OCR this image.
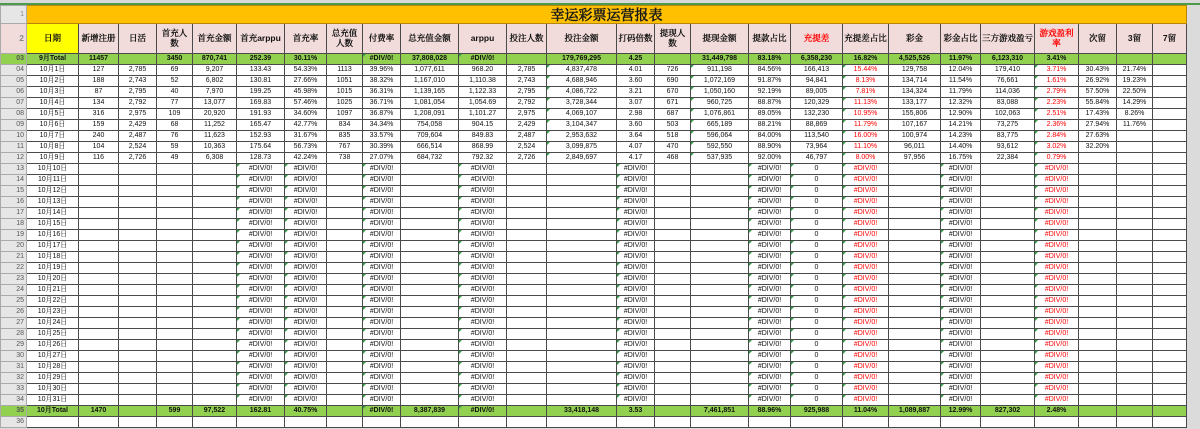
1	幸运彩票运营报表																									
2	日期	新增注册	日活	首充人数	首充金额	首充arppu	首充率	总充值人数	付费率	总充值金额	arppu	投注人数	投注金额	打码倍数	提现人数	提现金额	提款占比	充提差	充提差占比	彩金	彩金占比	三方游戏盈亏	游戏盈利率	次留	3留	7留
03	9月Total	11457		3450	870,741	252.39	30.11%		#DIV/0!	37,808,028	#DIV/0!		179,769,295	4.25		31,449,798	83.18%	6,358,230	16.82%	4,525,526	11.97%	6,123,310	3.41%			
04	10月1日	127	2,785	69	9,207	133.43	54.33%	1113	39.96%	1,077,611	968.20	2,785	4,837,478	4.01	726	911,198	84.56%	166,413	15.44%	129,758	12.04%	179,410	3.71%	30.43%	21.74%	
05	10月2日	188	2,743	52	6,802	130.81	27.66%	1051	38.32%	1,167,010	1,110.38	2,743	4,688,946	3.60	690	1,072,169	91.87%	94,841	8.13%	134,714	11.54%	76,661	1.61%	26.92%	19.23%	
06	10月3日	87	2,795	40	7,970	199.25	45.98%	1015	36.31%	1,139,165	1,122.33	2,795	4,086,722	3.21	670	1,050,160	92.19%	89,005	7.81%	134,324	11.79%	114,036	2.79%	57.50%	22.50%	
07	10月4日	134	2,792	77	13,077	169.83	57.46%	1025	36.71%	1,081,054	1,054.69	2,792	3,728,344	3.07	671	960,725	88.87%	120,329	11.13%	133,177	12.32%	83,088	2.23%	55.84%	14.29%	
08	10月5日	316	2,975	109	20,920	191.93	34.60%	1097	36.87%	1,208,091	1,101.27	2,975	4,069,107	2.98	687	1,076,861	89.05%	132,230	10.95%	155,806	12.90%	102,063	2.51%	17.43%	8.26%	
09	10月6日	159	2,429	68	11,252	165.47	42.77%	834	34.34%	754,058	904.15	2,429	3,104,347	3.60	503	665,189	88.21%	88,869	11.79%	107,167	14.21%	73,275	2.36%	27.94%	11.76%	
10	10月7日	240	2,487	76	11,623	152.93	31.67%	835	33.57%	709,604	849.83	2,487	2,953,632	3.64	518	596,064	84.00%	113,540	16.00%	100,974	14.23%	83,775	2.84%	27.63%		
11	10月8日	104	2,524	59	10,363	175.64	56.73%	767	30.39%	666,514	868.99	2,524	3,099,875	4.07	470	592,550	88.90%	73,964	11.10%	96,011	14.40%	93,612	3.02%	32.20%		
12	10月9日	116	2,726	49	6,308	128.73	42.24%	738	27.07%	684,732	792.32	2,726	2,849,697	4.17	468	537,935	92.00%	46,797	8.00%	97,956	16.75%	22,384	0.79%

13	10月10日					#DIV/0!	#DIV/0!		#DIV/0!		#DIV/0!			#DIV/0!			#DIV/0!	0	#DIV/0!		#DIV/0!		#DIV/0!

14	10月11日					#DIV/0!	#DIV/0!		#DIV/0!		#DIV/0!			#DIV/0!			#DIV/0!	0	#DIV/0!		#DIV/0!		#DIV/0!

15	10月12日					#DIV/0!	#DIV/0!		#DIV/0!		#DIV/0!			#DIV/0!			#DIV/0!	0	#DIV/0!		#DIV/0!		#DIV/0!

16	10月13日					#DIV/0!	#DIV/0!		#DIV/0!		#DIV/0!			#DIV/0!			#DIV/0!	0	#DIV/0!		#DIV/0!		#DIV/0!

17	10月14日					#DIV/0!	#DIV/0!		#DIV/0!		#DIV/0!			#DIV/0!			#DIV/0!	0	#DIV/0!		#DIV/0!		#DIV/0!

18	10月15日					#DIV/0!	#DIV/0!		#DIV/0!		#DIV/0!			#DIV/0!			#DIV/0!	0	#DIV/0!		#DIV/0!		#DIV/0!

19	10月16日					#DIV/0!	#DIV/0!		#DIV/0!		#DIV/0!			#DIV/0!			#DIV/0!	0	#DIV/0!		#DIV/0!		#DIV/0!

20	10月17日					#DIV/0!	#DIV/0!		#DIV/0!		#DIV/0!			#DIV/0!			#DIV/0!	0	#DIV/0!		#DIV/0!		#DIV/0!

21	10月18日					#DIV/0!	#DIV/0!		#DIV/0!		#DIV/0!			#DIV/0!			#DIV/0!	0	#DIV/0!		#DIV/0!		#DIV/0!

22	10月19日					#DIV/0!	#DIV/0!		#DIV/0!		#DIV/0!			#DIV/0!			#DIV/0!	0	#DIV/0!		#DIV/0!		#DIV/0!

23	10月20日					#DIV/0!	#DIV/0!		#DIV/0!		#DIV/0!			#DIV/0!			#DIV/0!	0	#DIV/0!		#DIV/0!		#DIV/0!

24	10月21日					#DIV/0!	#DIV/0!		#DIV/0!		#DIV/0!			#DIV/0!			#DIV/0!	0	#DIV/0!		#DIV/0!		#DIV/0!

25	10月22日					#DIV/0!	#DIV/0!		#DIV/0!		#DIV/0!			#DIV/0!			#DIV/0!	0	#DIV/0!		#DIV/0!		#DIV/0!

26	10月23日					#DIV/0!	#DIV/0!		#DIV/0!		#DIV/0!			#DIV/0!			#DIV/0!	0	#DIV/0!		#DIV/0!		#DIV/0!

27	10月24日					#DIV/0!	#DIV/0!		#DIV/0!		#DIV/0!			#DIV/0!			#DIV/0!	0	#DIV/0!		#DIV/0!		#DIV/0!

28	10月25日					#DIV/0!	#DIV/0!		#DIV/0!		#DIV/0!			#DIV/0!			#DIV/0!	0	#DIV/0!		#DIV/0!		#DIV/0!

29	10月26日					#DIV/0!	#DIV/0!		#DIV/0!		#DIV/0!			#DIV/0!			#DIV/0!	0	#DIV/0!		#DIV/0!		#DIV/0!

30	10月27日					#DIV/0!	#DIV/0!		#DIV/0!		#DIV/0!			#DIV/0!			#DIV/0!	0	#DIV/0!		#DIV/0!		#DIV/0!

31	10月28日					#DIV/0!	#DIV/0!		#DIV/0!		#DIV/0!			#DIV/0!			#DIV/0!	0	#DIV/0!		#DIV/0!		#DIV/0!

32	10月29日					#DIV/0!	#DIV/0!		#DIV/0!		#DIV/0!			#DIV/0!			#DIV/0!	0	#DIV/0!		#DIV/0!		#DIV/0!

33	10月30日					#DIV/0!	#DIV/0!		#DIV/0!		#DIV/0!			#DIV/0!			#DIV/0!	0	#DIV/0!		#DIV/0!		#DIV/0!

34	10月31日					#DIV/0!	#DIV/0!		#DIV/0!		#DIV/0!			#DIV/0!			#DIV/0!	0	#DIV/0!		#DIV/0!		#DIV/0!

35	10月Total	1470		599	97,522	162.81	40.75%		#DIV/0!	8,387,839	#DIV/0!		33,418,148	3.53		7,461,851	88.96%	925,988	11.04%	1,089,887	12.99%	827,302	2.48%			
36																										
